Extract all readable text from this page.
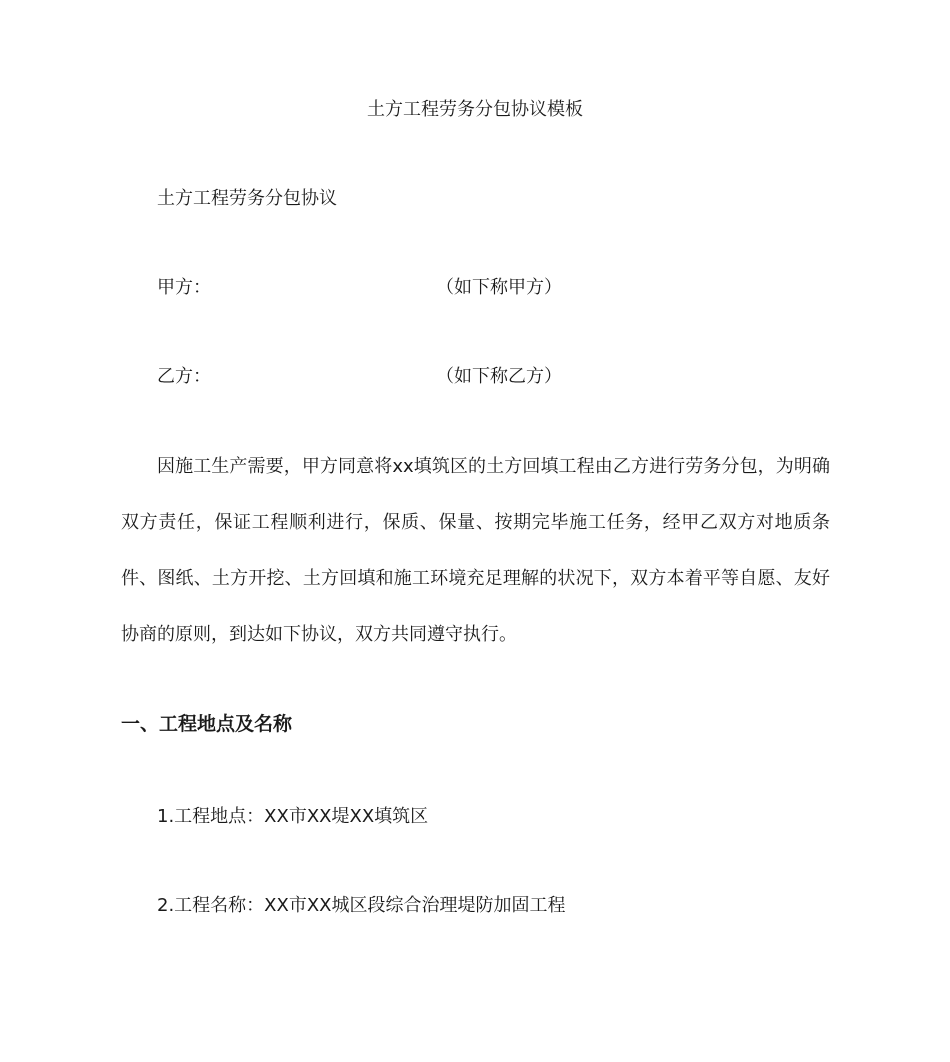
土方工程劳务分包协议模板
土方工程劳务分包协议
甲方：	（如下称甲方）
乙方：	（如下称乙方）
因施工生产需要，甲方同意将xx填筑区的土方回填工程由乙方进行劳务分包，为明确双方责任，保证工程顺利进行，保质、保量、按期完毕施工任务，经甲乙双方对地质条件、图纸、土方开挖、土方回填和施工环境充足理解的状况下，双方本着平等自愿、友好协商的原则，到达如下协议，双方共同遵守执行。
一、工程地点及名称
1.工程地点：XX市XX堤XX填筑区
2.工程名称：XX市XX城区段综合治理堤防加固工程
